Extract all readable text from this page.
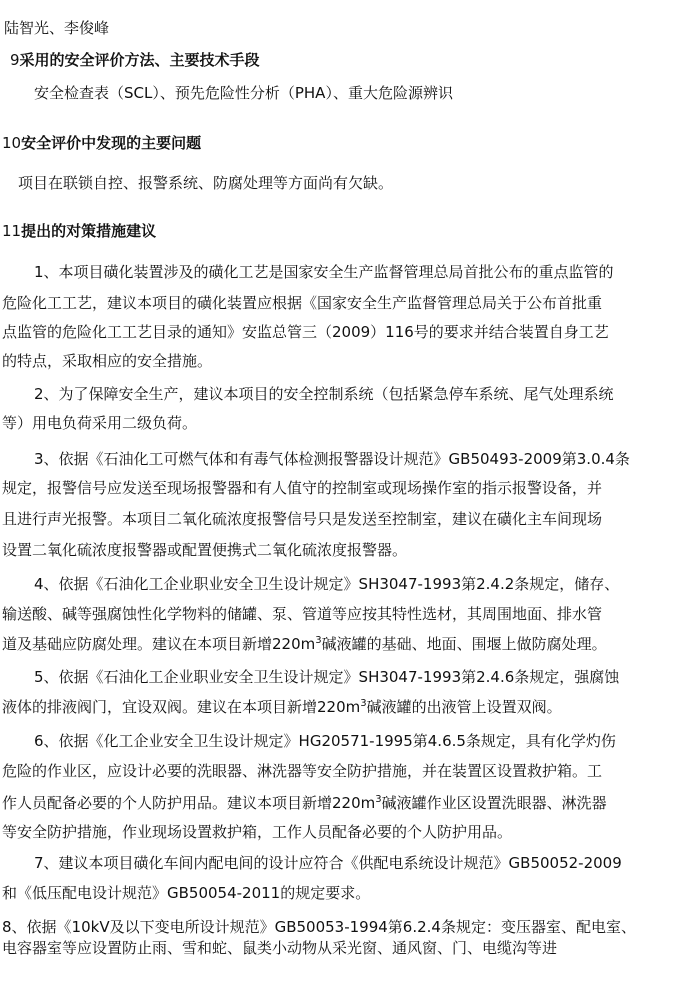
陆智光、李俊峰
9采用的安全评价方法、主要技术手段
安全检查表（SCL）、预先危险性分析（PHA）、重大危险源辨识
10安全评价中发现的主要问题
项目在联锁自控、报警系统、防腐处理等方面尚有欠缺。
11提出的对策措施建议
1、本项目磺化装置涉及的磺化工艺是国家安全生产监督管理总局首批公布的重点监管的
危险化工工艺，建议本项目的磺化装置应根据《国家安全生产监督管理总局关于公布首批重
点监管的危险化工工艺目录的通知》安监总管三（2009）116号的要求并结合装置自身工艺
的特点，采取相应的安全措施。
2、为了保障安全生产，建议本项目的安全控制系统（包括紧急停车系统、尾气处理系统
等）用电负荷采用二级负荷。
3、依据《石油化工可燃气体和有毒气体检测报警器设计规范》GB50493-2009第3.0.4条
规定，报警信号应发送至现场报警器和有人值守的控制室或现场操作室的指示报警设备，并
且进行声光报警。本项目二氧化硫浓度报警信号只是发送至控制室，建议在磺化主车间现场
设置二氧化硫浓度报警器或配置便携式二氧化硫浓度报警器。
4、依据《石油化工企业职业安全卫生设计规定》SH3047-1993第2.4.2条规定，储存、
输送酸、碱等强腐蚀性化学物料的储罐、泵、管道等应按其特性选材，其周围地面、排水管
道及基础应防腐处理。建议在本项目新增$220m^3$碱液罐的基础、地面、围堰上做防腐处理。
5、依据《石油化工企业职业安全卫生设计规定》SH3047-1993第2.4.6条规定，强腐蚀
液体的排液阀门，宜设双阀。建议在本项目新增$220m^3$碱液罐的出液管上设置双阀。
6、依据《化工企业安全卫生设计规定》HG20571-1995第4.6.5条规定，具有化学灼伤
危险的作业区，应设计必要的洗眼器、淋洗器等安全防护措施，并在装置区设置救护箱。工
作人员配备必要的个人防护用品。建议本项目新增$220m^3$碱液罐作业区设置洗眼器、淋洗器
等安全防护措施，作业现场设置救护箱，工作人员配备必要的个人防护用品。
7、建议本项目磺化车间内配电间的设计应符合《供配电系统设计规范》GB50052-2009
和《低压配电设计规范》GB50054-2011的规定要求。
8、依据《10kV及以下变电所设计规范》GB50053-1994第6.2.4条规定：变压器室、配电室、
电容器室等应设置防止雨、雪和蛇、鼠类小动物从采光窗、通风窗、门、电缆沟等进
